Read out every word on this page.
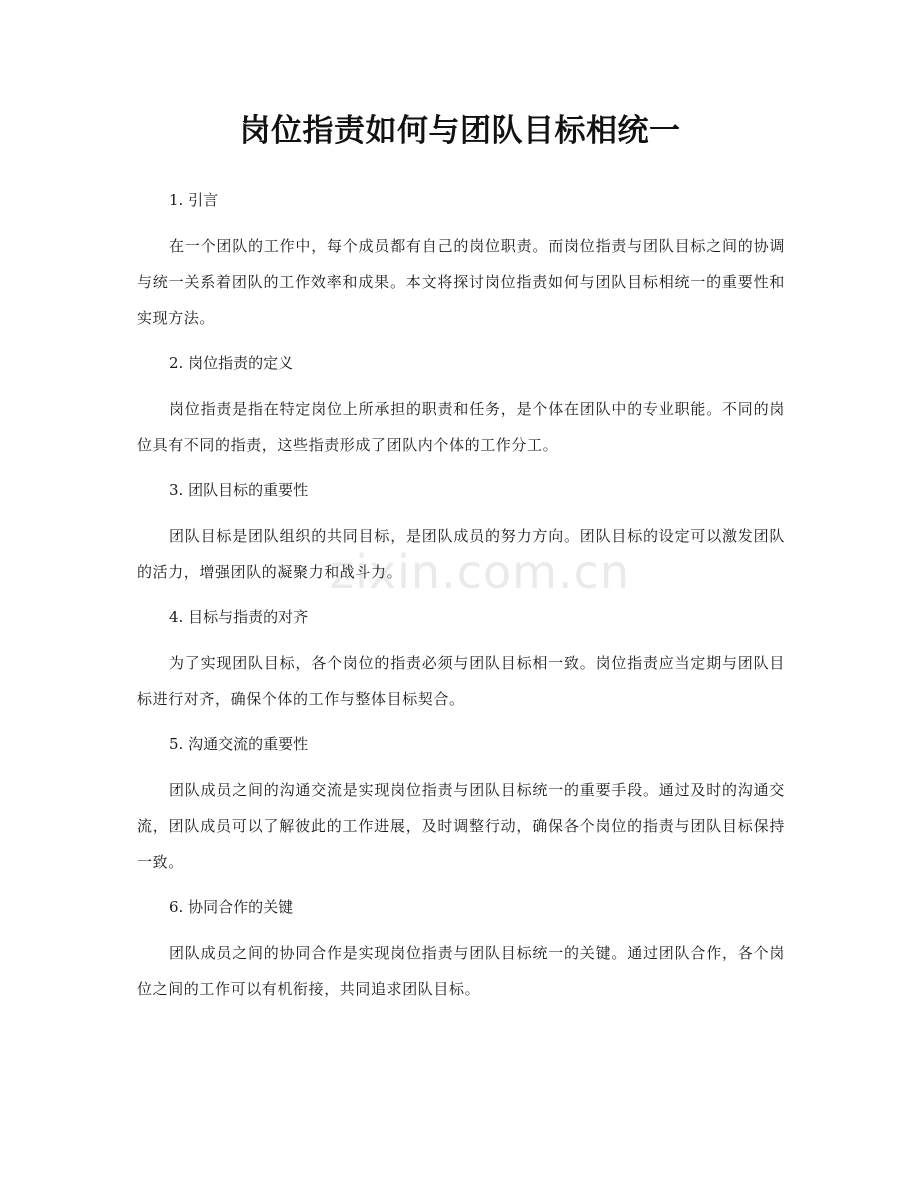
岗位指责如何与团队目标相统一
zixin.com.cn

1. 引言

在一个团队的工作中，每个成员都有自己的岗位职责。而岗位指责与团队目标之间的协调与统一关系着团队的工作效率和成果。本文将探讨岗位指责如何与团队目标相统一的重要性和实现方法。

2. 岗位指责的定义

岗位指责是指在特定岗位上所承担的职责和任务，是个体在团队中的专业职能。不同的岗位具有不同的指责，这些指责形成了团队内个体的工作分工。

3. 团队目标的重要性

团队目标是团队组织的共同目标，是团队成员的努力方向。团队目标的设定可以激发团队的活力，增强团队的凝聚力和战斗力。

4. 目标与指责的对齐

为了实现团队目标，各个岗位的指责必须与团队目标相一致。岗位指责应当定期与团队目标进行对齐，确保个体的工作与整体目标契合。

5. 沟通交流的重要性

团队成员之间的沟通交流是实现岗位指责与团队目标统一的重要手段。通过及时的沟通交流，团队成员可以了解彼此的工作进展，及时调整行动，确保各个岗位的指责与团队目标保持一致。

6. 协同合作的关键

团队成员之间的协同合作是实现岗位指责与团队目标统一的关键。通过团队合作，各个岗位之间的工作可以有机衔接，共同追求团队目标。
